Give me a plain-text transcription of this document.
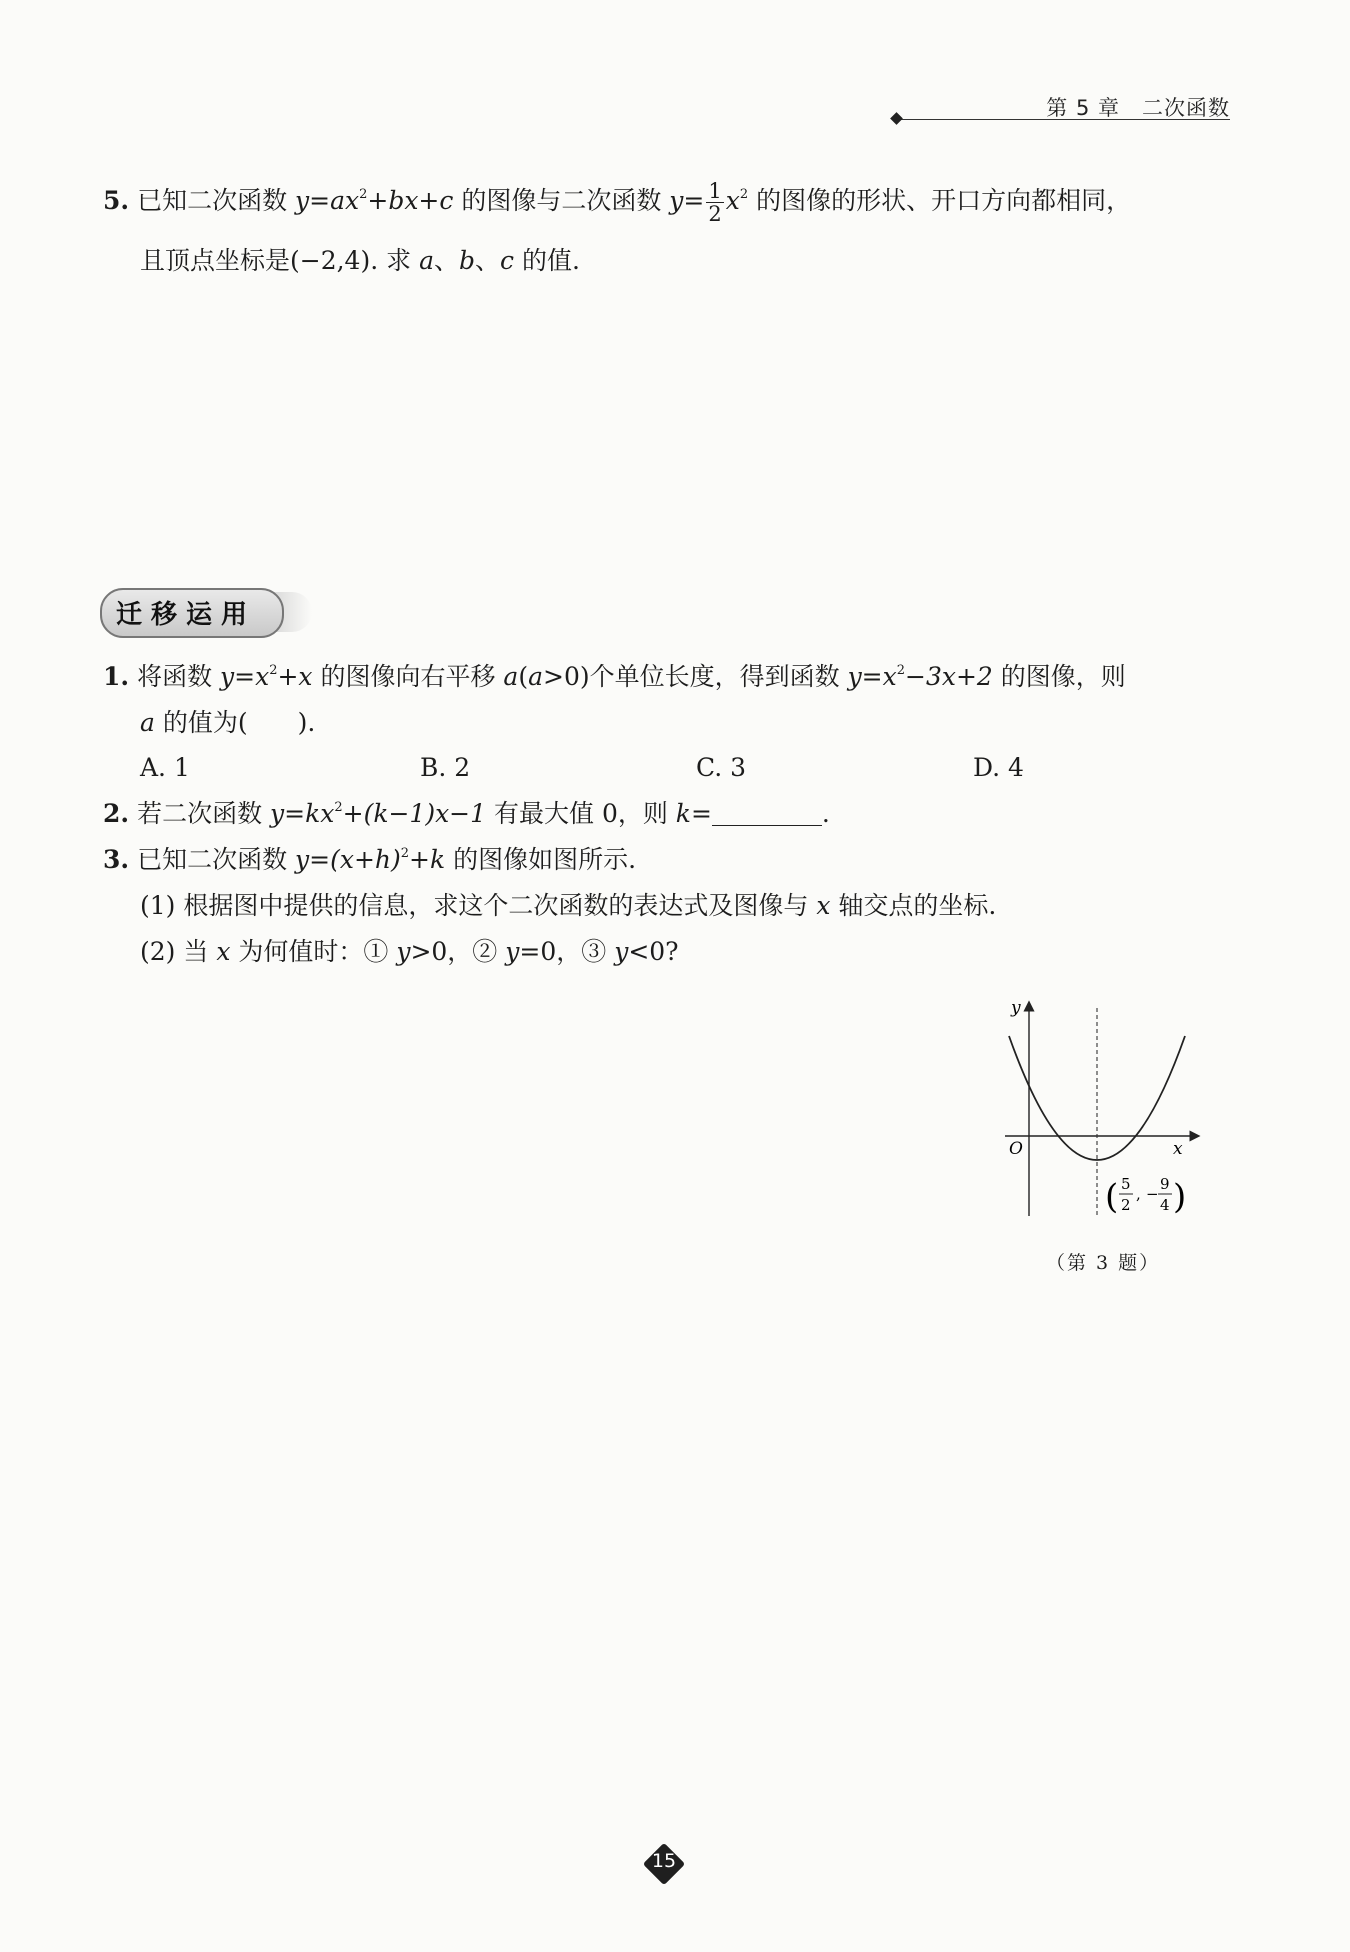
第 5 章　二次函数
5. 已知二次函数 $y=ax^2+bx+c$ 的图像与二次函数 $y= \frac{1}{2} x^2$ 的图像的形状、开口方向都相同，
且顶点坐标是(−2,4). 求 a、b、c 的值.
迁移运用
1. 将函数 $y=x^2+x$ 的图像向右平移 a(a>0)个单位长度，得到函数 $y=x^2-3x+2$ 的图像，则
a 的值为(　　).
A. 1	B. 2	C. 3	D. 4
2. 若二次函数 $y=kx^2+(k-1)x-1$ 有最大值 0，则 k=	.
3. 已知二次函数 $y=(x+h)^2+k$ 的图像如图所示.
(1) 根据图中提供的信息，求这个二次函数的表达式及图像与 x 轴交点的坐标.
(2) 当 x 为何值时：① y>0，② y=0，③ y<0?
y
x
O
( 5
2
, −
9
4 )
（第 3 题）
15
